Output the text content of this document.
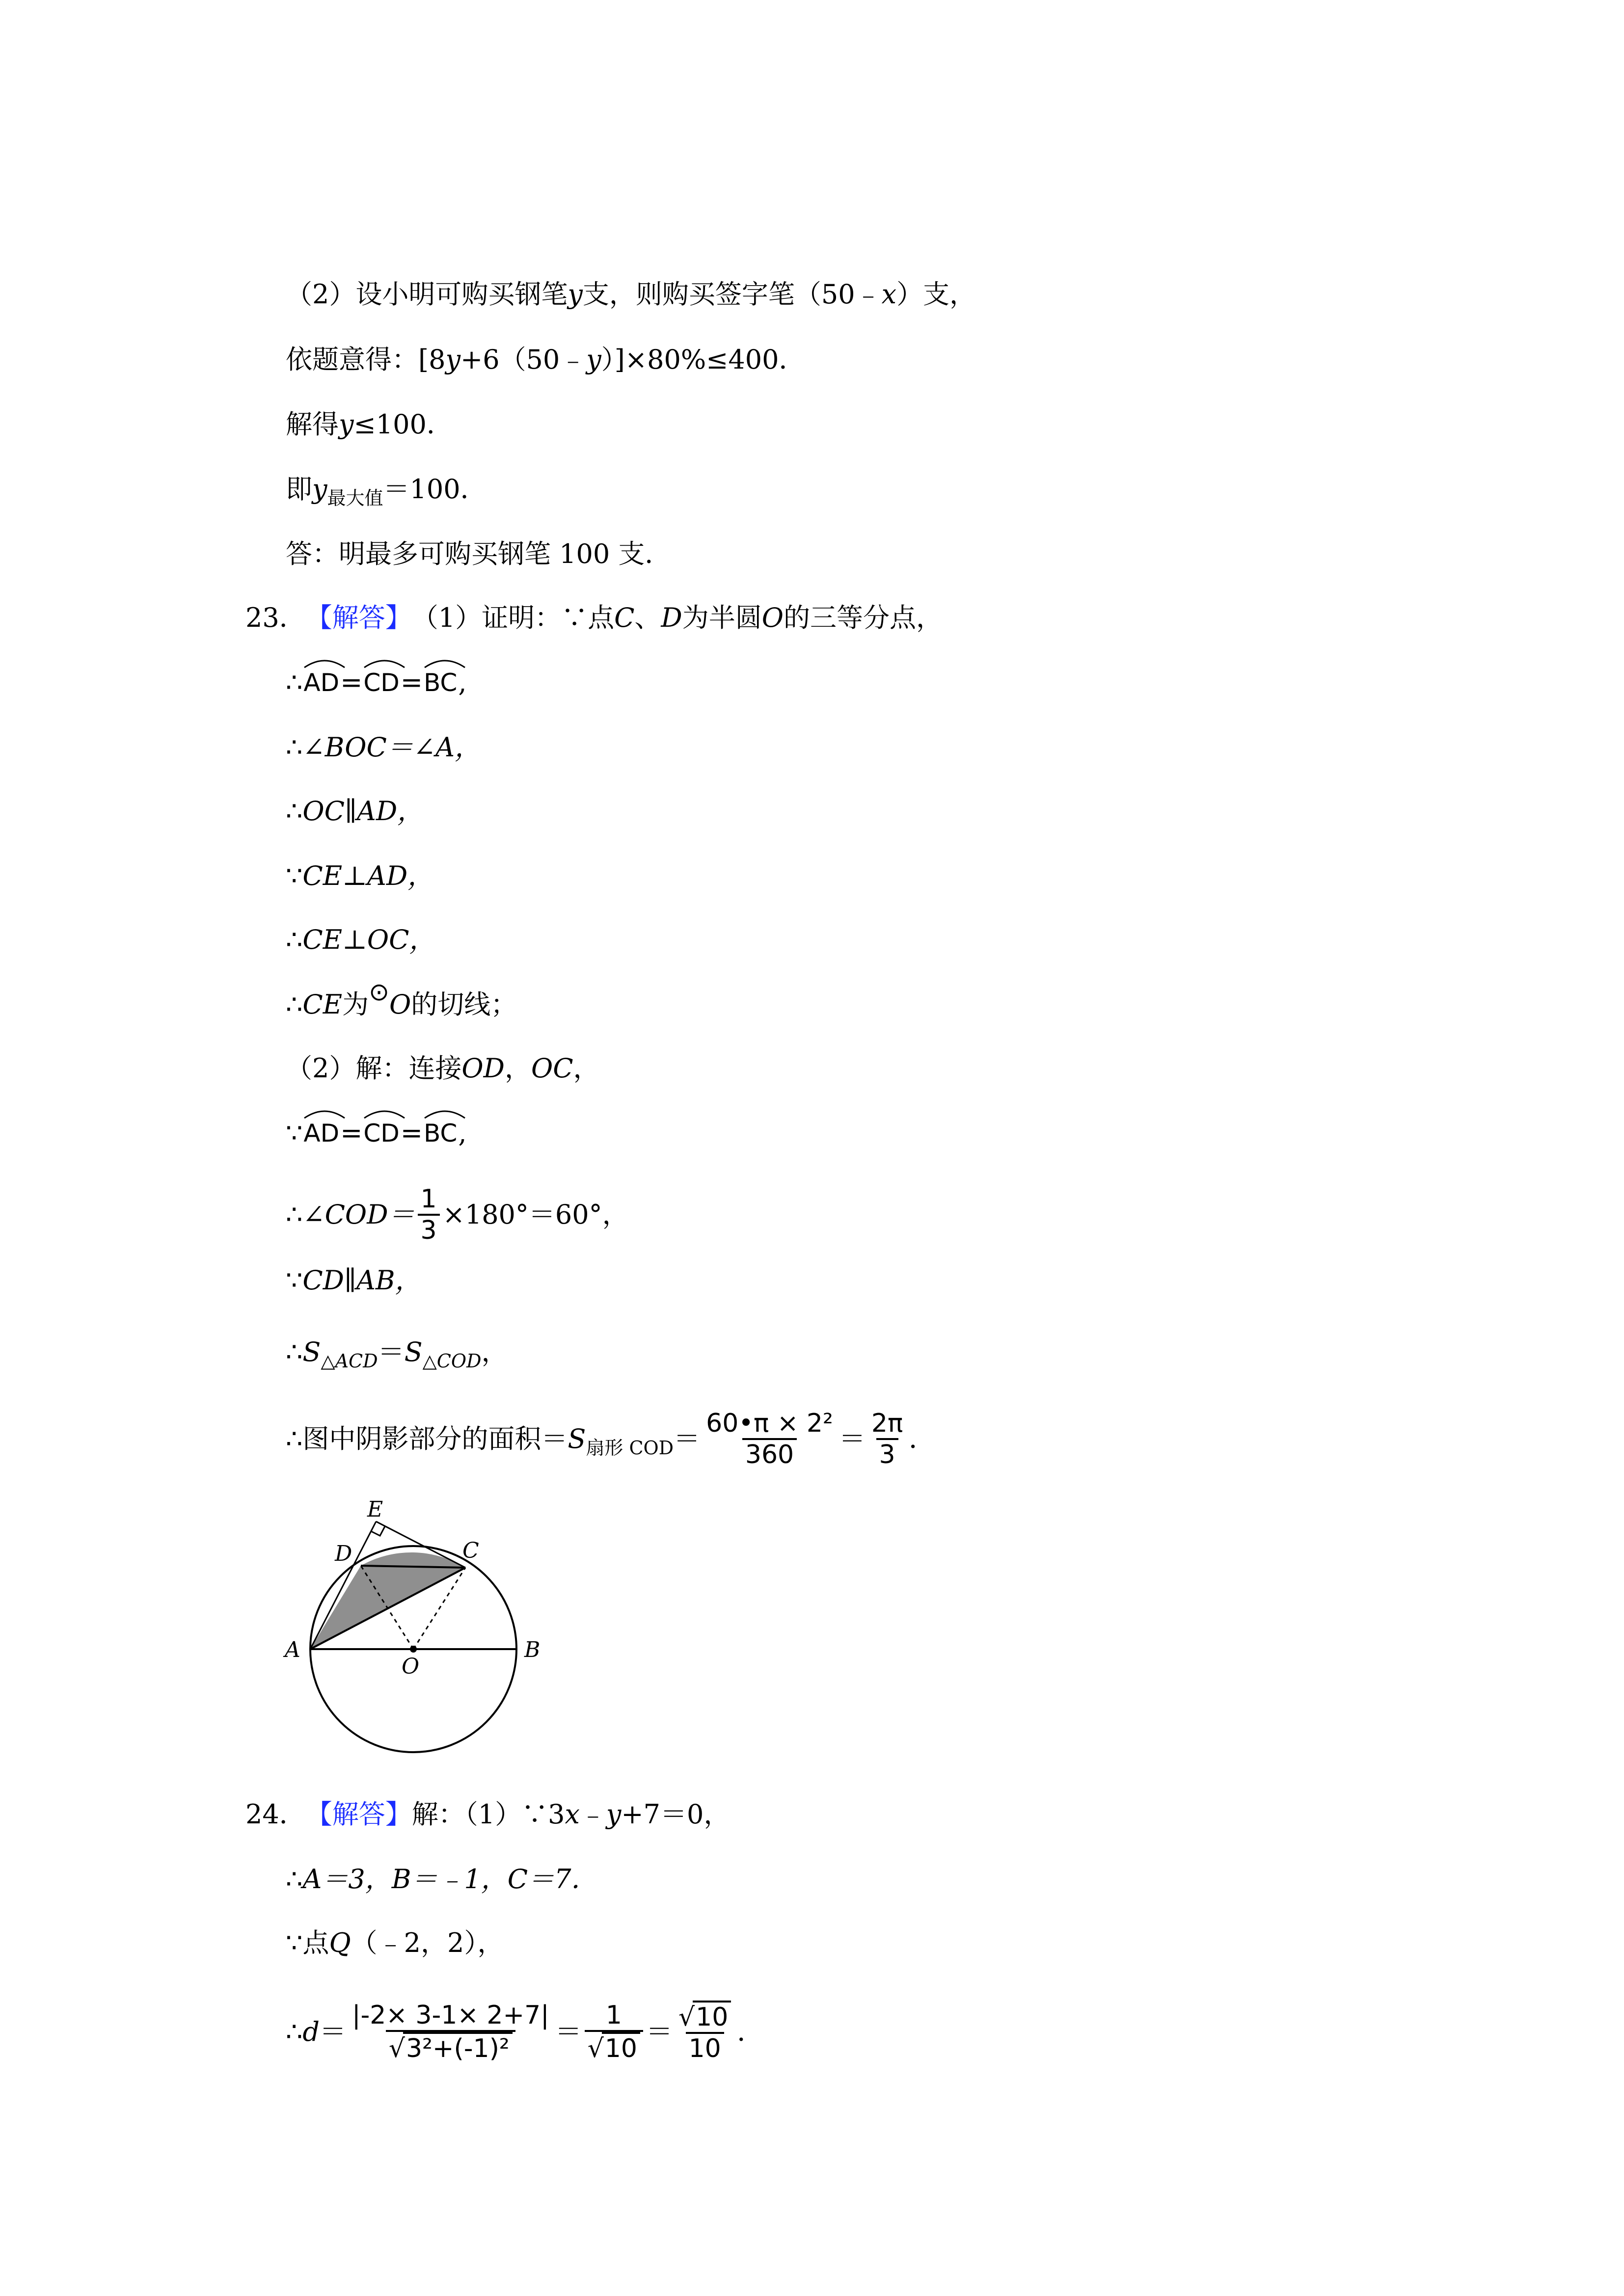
（2）设小明可购买钢笔 y 支，则购买签字笔（50﹣ x ）支，
依题意得：[8 y +6（50﹣ y ）]×80%≤400．
解得 y ≤100．
即 y 最大值 ＝100．
答：明最多可购买钢笔 100 支．
23． 【解答】 （1）证明：∵点 C 、 D 为半圆 O 的三等分点，
∴ AD = CD = BC ,
∴ ∠BOC＝∠A，
∴ OC∥AD，
∵ CE⊥AD，
∴ CE⊥OC，
∴ CE 为 ⊙ O 的切线；
（2）解：连接 OD ， OC ，
∵ AD = CD = BC ,
∴ ∠COD＝ $\frac{1}{3} \times 180^\circ=60^\circ$，
∵ CD∥AB，
∴ S △ACD ＝ S △COD ，
∴ 图中阴影部分的面积＝ S 扇形 COD ＝ $\frac{\text{60•π × 2²}}{360} = \frac{2\pi}{3}$ ．
E
D	C
A
O
B
24． 【解答】 解：（1）∵3 x ﹣ y +7＝0，
∴ A＝3，B＝﹣1，C＝7．
∵ 点 Q （﹣2，2），
∴ $d = \frac{|-2\times 3-1\times 2+7|}{\text{√ 3²+(-1)²}} = \frac{1}{√ 10} = \frac{√ 10}{10}$ ．
